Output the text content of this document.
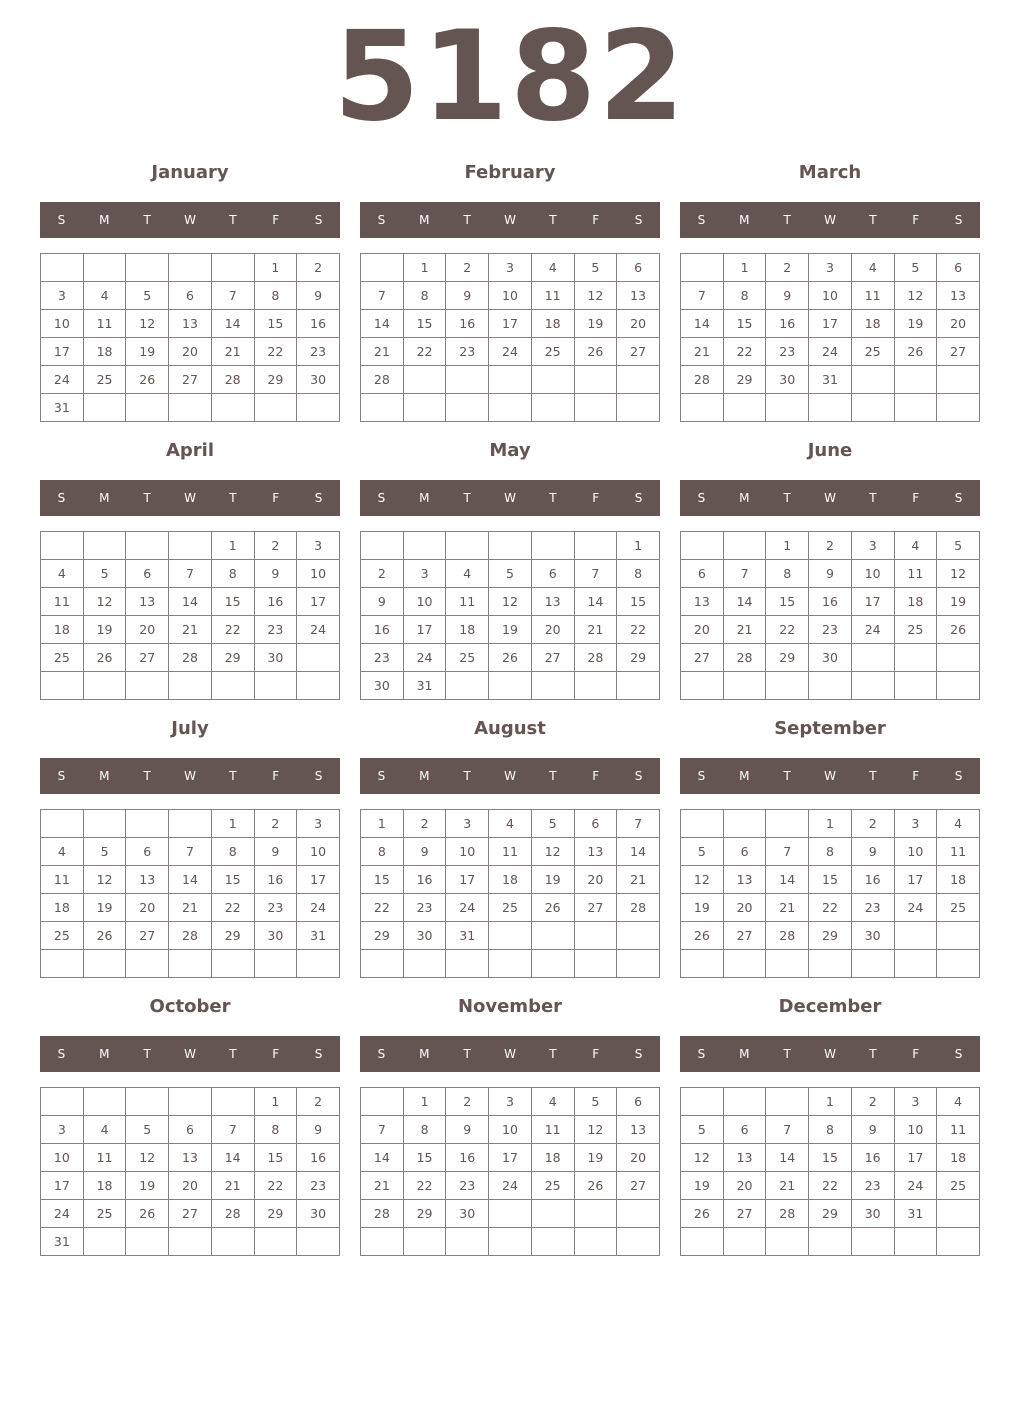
5182
January
S	M	T	W	T	F	S
					1	2
3	4	5	6	7	8	9
10	11	12	13	14	15	16
17	18	19	20	21	22	23
24	25	26	27	28	29	30
31						
February
S	M	T	W	T	F	S
	1	2	3	4	5	6
7	8	9	10	11	12	13
14	15	16	17	18	19	20
21	22	23	24	25	26	27
28						

March
S	M	T	W	T	F	S
	1	2	3	4	5	6
7	8	9	10	11	12	13
14	15	16	17	18	19	20
21	22	23	24	25	26	27
28	29	30	31			

April
S	M	T	W	T	F	S
				1	2	3
4	5	6	7	8	9	10
11	12	13	14	15	16	17
18	19	20	21	22	23	24
25	26	27	28	29	30	

May
S	M	T	W	T	F	S
						1
2	3	4	5	6	7	8
9	10	11	12	13	14	15
16	17	18	19	20	21	22
23	24	25	26	27	28	29
30	31					
June
S	M	T	W	T	F	S
		1	2	3	4	5
6	7	8	9	10	11	12
13	14	15	16	17	18	19
20	21	22	23	24	25	26
27	28	29	30			

July
S	M	T	W	T	F	S
				1	2	3
4	5	6	7	8	9	10
11	12	13	14	15	16	17
18	19	20	21	22	23	24
25	26	27	28	29	30	31

August
S	M	T	W	T	F	S
1	2	3	4	5	6	7
8	9	10	11	12	13	14
15	16	17	18	19	20	21
22	23	24	25	26	27	28
29	30	31				

September
S	M	T	W	T	F	S
			1	2	3	4
5	6	7	8	9	10	11
12	13	14	15	16	17	18
19	20	21	22	23	24	25
26	27	28	29	30		

October
S	M	T	W	T	F	S
					1	2
3	4	5	6	7	8	9
10	11	12	13	14	15	16
17	18	19	20	21	22	23
24	25	26	27	28	29	30
31						
November
S	M	T	W	T	F	S
	1	2	3	4	5	6
7	8	9	10	11	12	13
14	15	16	17	18	19	20
21	22	23	24	25	26	27
28	29	30				

December
S	M	T	W	T	F	S
			1	2	3	4
5	6	7	8	9	10	11
12	13	14	15	16	17	18
19	20	21	22	23	24	25
26	27	28	29	30	31	
